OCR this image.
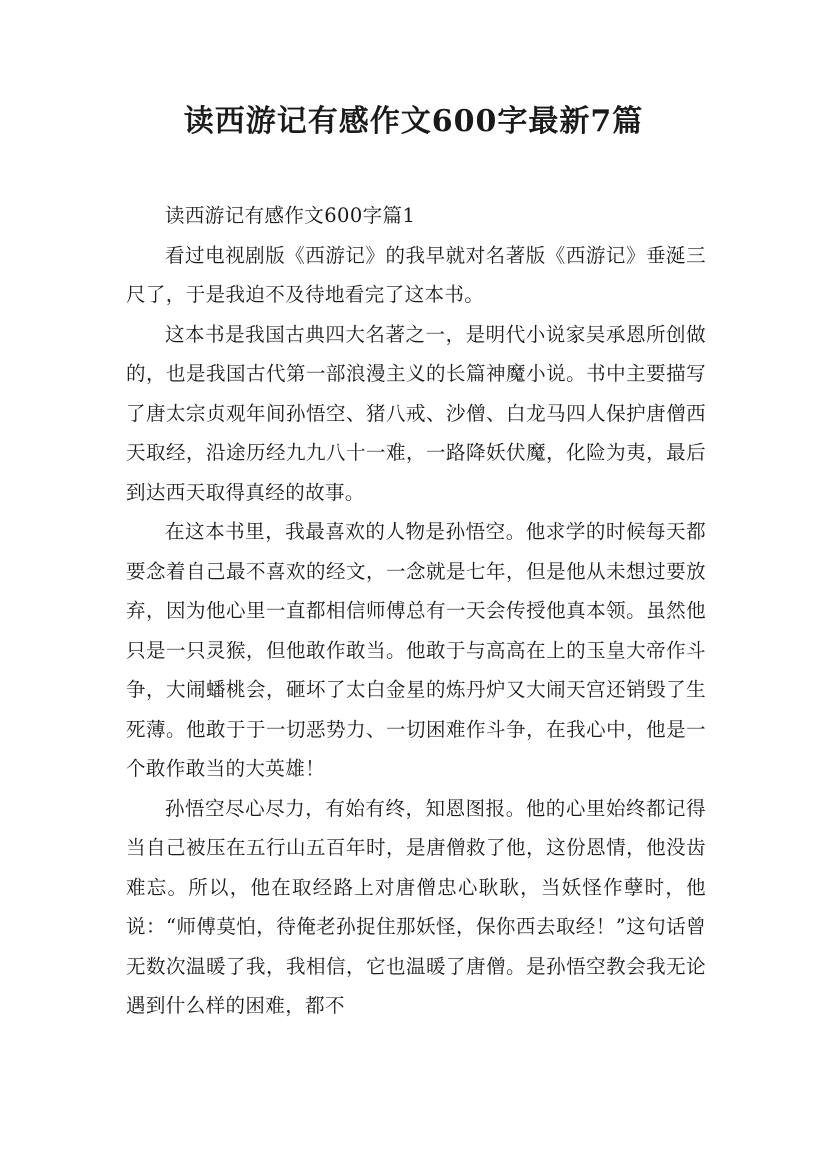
读西游记有感作文600字最新7篇

读西游记有感作文600字篇1

看过电视剧版《西游记》的我早就对名著版《西游记》垂涎三尺了，于是我迫不及待地看完了这本书。

这本书是我国古典四大名著之一，是明代小说家吴承恩所创做的，也是我国古代第一部浪漫主义的长篇神魔小说。书中主要描写了唐太宗贞观年间孙悟空、猪八戒、沙僧、白龙马四人保护唐僧西天取经，沿途历经九九八十一难，一路降妖伏魔，化险为夷，最后到达西天取得真经的故事。

在这本书里，我最喜欢的人物是孙悟空。他求学的时候每天都要念着自己最不喜欢的经文，一念就是七年，但是他从未想过要放弃，因为他心里一直都相信师傅总有一天会传授他真本领。虽然他只是一只灵猴，但他敢作敢当。他敢于与高高在上的玉皇大帝作斗争，大闹蟠桃会，砸坏了太白金星的炼丹炉又大闹天宫还销毁了生死薄。他敢于于一切恶势力、一切困难作斗争，在我心中，他是一个敢作敢当的大英雄！

孙悟空尽心尽力，有始有终，知恩图报。他的心里始终都记得当自己被压在五行山五百年时，是唐僧救了他，这份恩情，他没齿难忘。所以，他在取经路上对唐僧忠心耿耿，当妖怪作孽时，他说：“师傅莫怕，待俺老孙捉住那妖怪，保你西去取经！”这句话曾无数次温暖了我，我相信，它也温暖了唐僧。是孙悟空教会我无论遇到什么样的困难，都不
